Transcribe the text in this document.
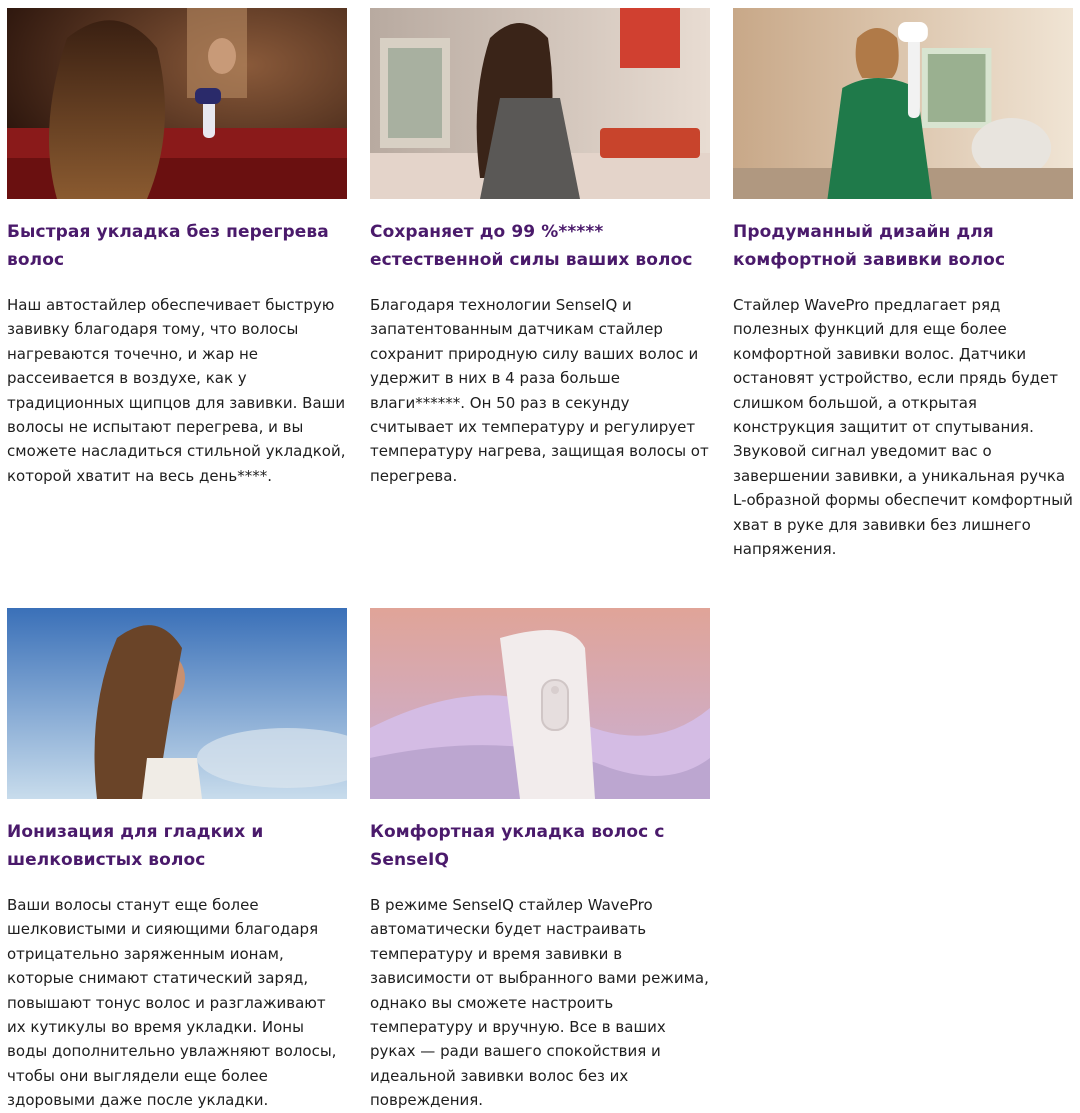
Быстрая укладка без перегрева волос
Наш автостайлер обеспечивает быструю завивку благодаря тому, что волосы нагреваются точечно, и жар не рассеивается в воздухе, как у традиционных щипцов для завивки. Ваши волосы не испытают перегрева, и вы сможете насладиться стильной укладкой, которой хватит на весь день****.
Сохраняет до 99 %***** естественной силы ваших волос
Благодаря технологии SenseIQ и запатентованным датчикам стайлер сохранит природную силу ваших волос и удержит в них в 4 раза больше влаги******. Он 50 раз в секунду считывает их температуру и регулирует температуру нагрева, защищая волосы от перегрева.
Продуманный дизайн для комфортной завивки волос
Стайлер WavePro предлагает ряд полезных функций для еще более комфортной завивки волос. Датчики остановят устройство, если прядь будет слишком большой, а открытая конструкция защитит от спутывания. Звуковой сигнал уведомит вас о завершении завивки, а уникальная ручка L-образной формы обеспечит комфортный хват в руке для завивки без лишнего напряжения.
Ионизация для гладких и шелковистых волос
Ваши волосы станут еще более шелковистыми и сияющими благодаря отрицательно заряженным ионам, которые снимают статический заряд, повышают тонус волос и разглаживают их кутикулы во время укладки. Ионы воды дополнительно увлажняют волосы, чтобы они выглядели еще более здоровыми даже после укладки.
Комфортная укладка волос с SenseIQ
В режиме SenseIQ стайлер WavePro автоматически будет настраивать температуру и время завивки в зависимости от выбранного вами режима, однако вы сможете настроить температуру и вручную. Все в ваших руках — ради вашего спокойствия и идеальной завивки волос без их повреждения.
